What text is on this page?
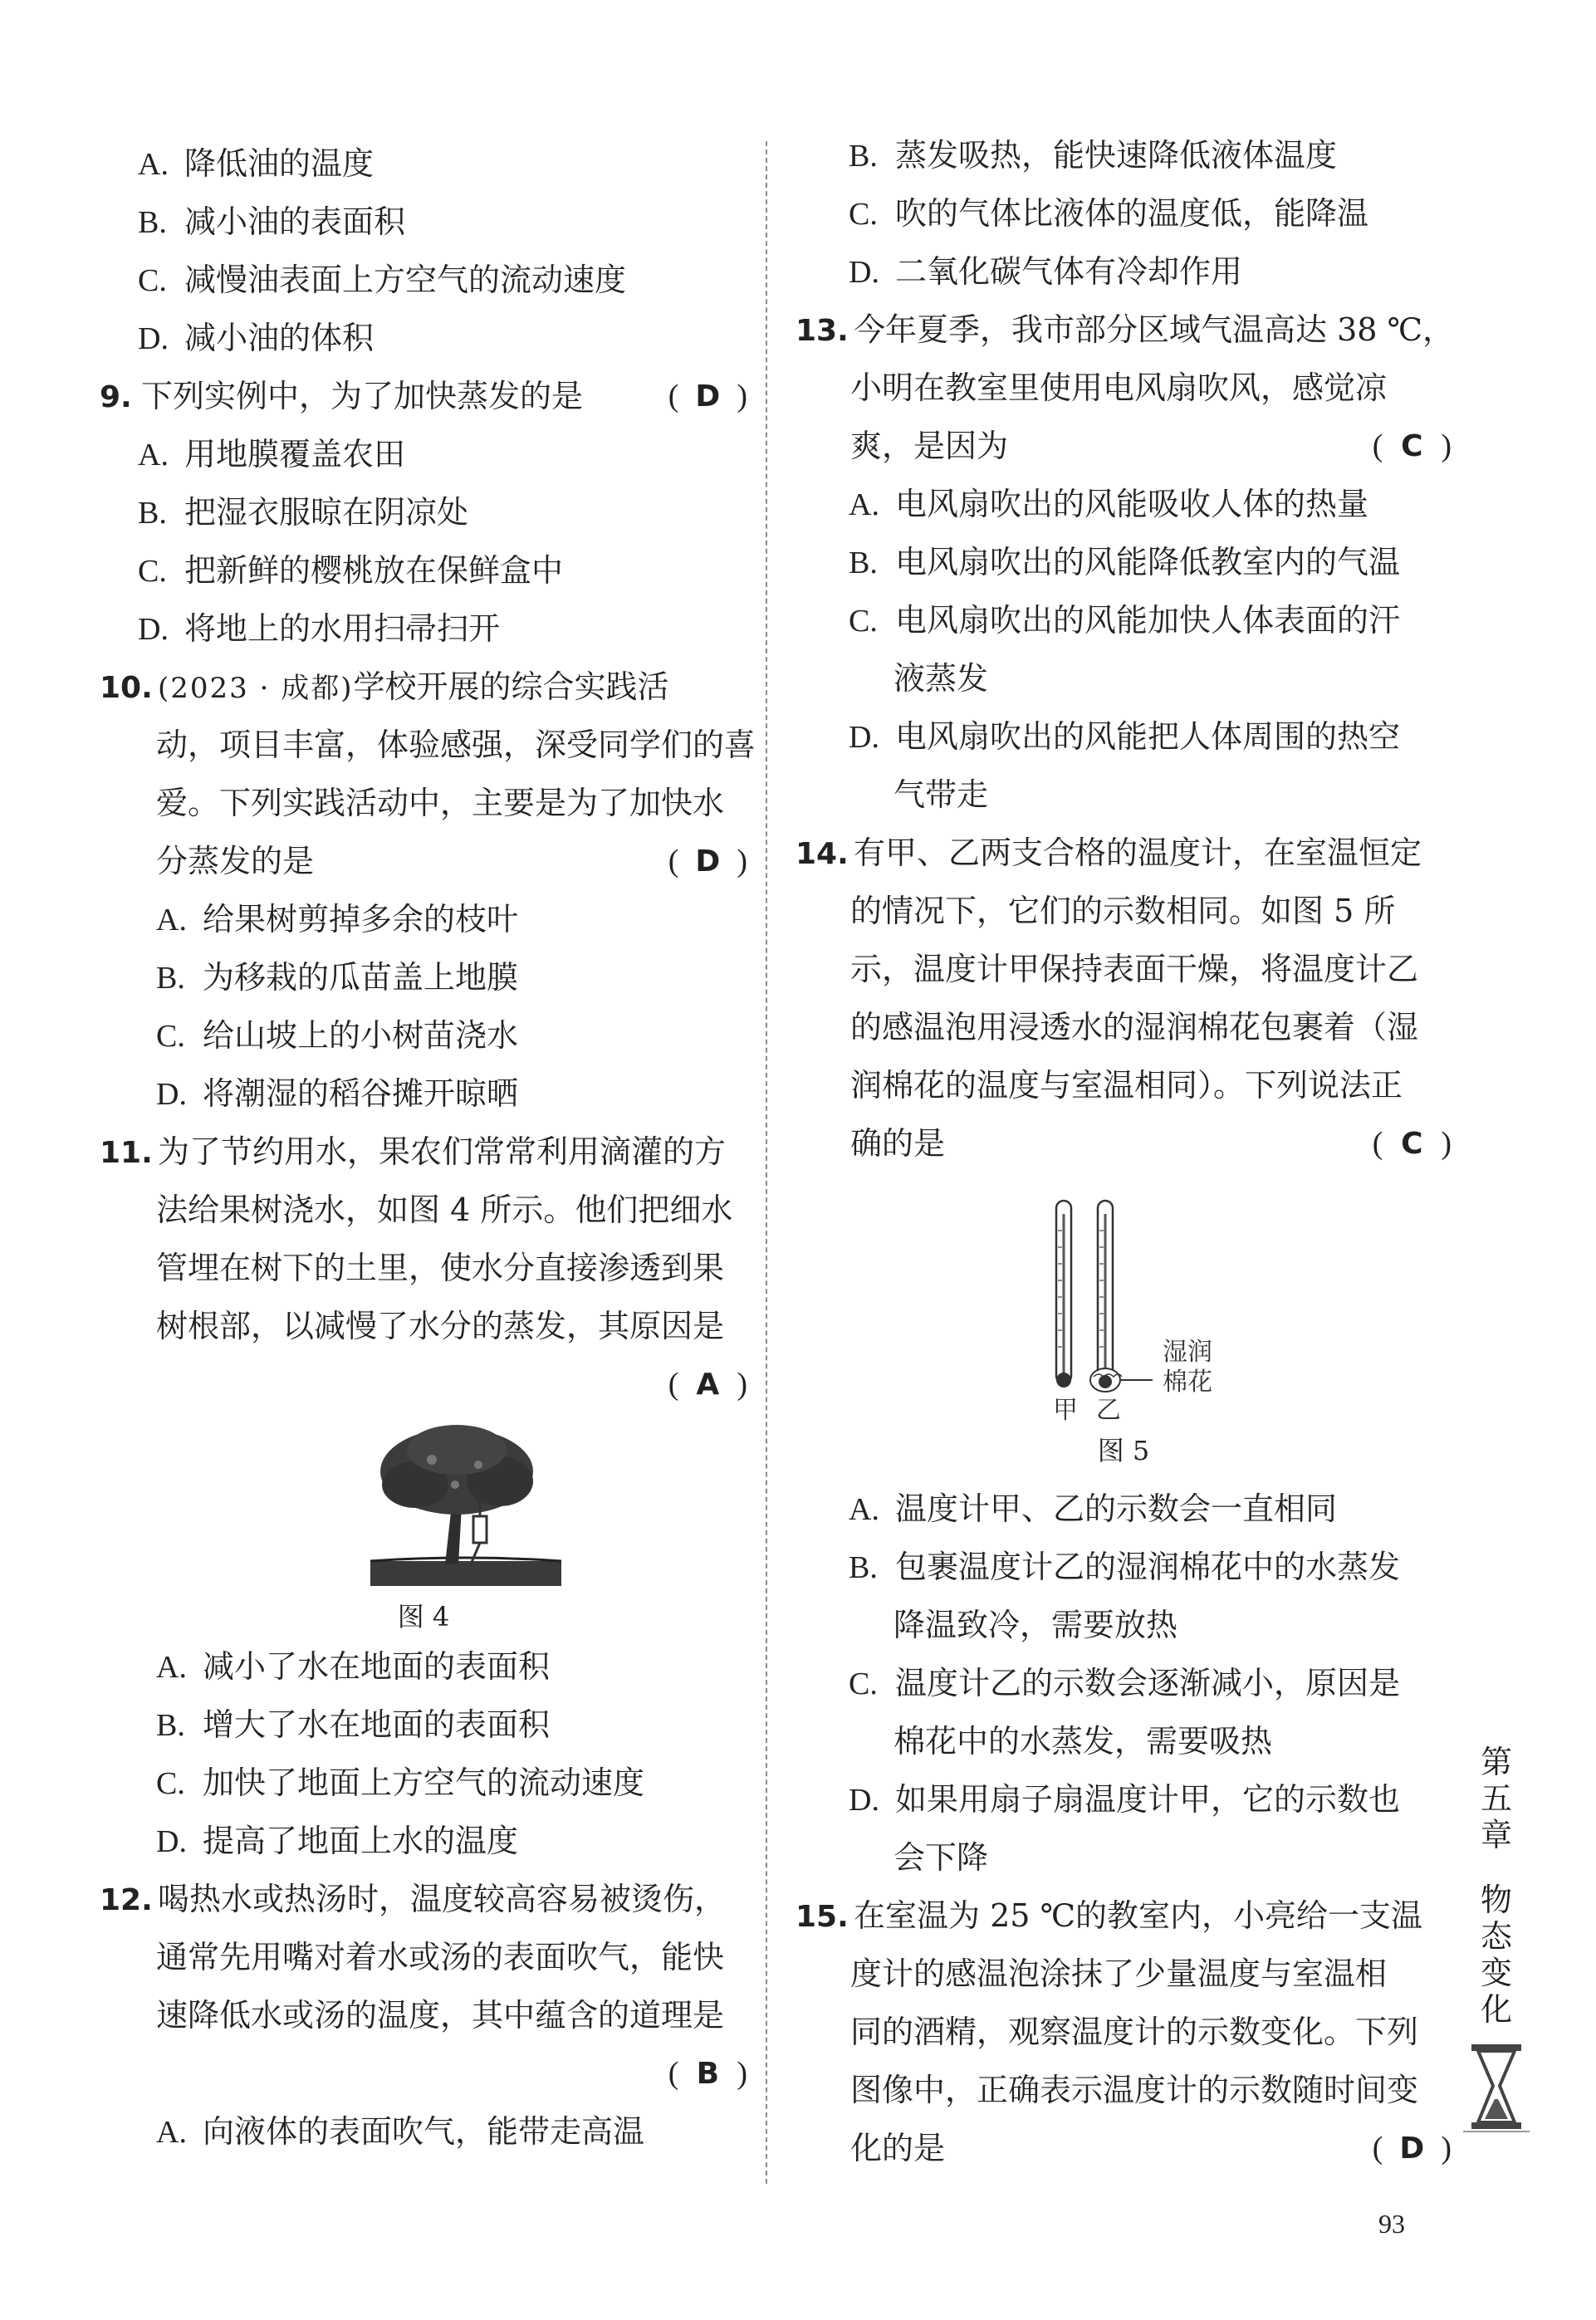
A. 降低油的温度
B. 减小油的表面积
C. 减慢油表面上方空气的流动速度
D. 减小油的体积
9. 下列实例中，为了加快蒸发的是	( D )
A. 用地膜覆盖农田
B. 把湿衣服晾在阴凉处
C. 把新鲜的樱桃放在保鲜盒中
D. 将地上的水用扫帚扫开
10. (2023 · 成都)学校开展的综合实践活
动，项目丰富，体验感强，深受同学们的喜
爱。下列实践活动中，主要是为了加快水
分蒸发的是	( D )
A. 给果树剪掉多余的枝叶
B. 为移栽的瓜苗盖上地膜
C. 给山坡上的小树苗浇水
D. 将潮湿的稻谷摊开晾晒
11. 为了节约用水，果农们常常利用滴灌的方
法给果树浇水，如图 4 所示。他们把细水
管埋在树下的土里，使水分直接渗透到果
树根部，以减慢了水分的蒸发，其原因是
( A )
图 4
A. 减小了水在地面的表面积
B. 增大了水在地面的表面积
C. 加快了地面上方空气的流动速度
D. 提高了地面上水的温度
12. 喝热水或热汤时，温度较高容易被烫伤，
通常先用嘴对着水或汤的表面吹气，能快
速降低水或汤的温度，其中蕴含的道理是
( B )
A. 向液体的表面吹气，能带走高温
B. 蒸发吸热，能快速降低液体温度
C. 吹的气体比液体的温度低，能降温
D. 二氧化碳气体有冷却作用
13. 今年夏季，我市部分区域气温高达 38 ℃，
小明在教室里使用电风扇吹风，感觉凉
爽，是因为	( C )
A. 电风扇吹出的风能吸收人体的热量
B. 电风扇吹出的风能降低教室内的气温
C. 电风扇吹出的风能加快人体表面的汗
液蒸发
D. 电风扇吹出的风能把人体周围的热空
气带走
14. 有甲、乙两支合格的温度计，在室温恒定
的情况下，它们的示数相同。如图 5 所
示，温度计甲保持表面干燥，将温度计乙
的感温泡用浸透水的湿润棉花包裹着（湿
润棉花的温度与室温相同）。下列说法正
确的是	( C )
湿润
棉花
甲 乙
图 5
A. 温度计甲、乙的示数会一直相同
B. 包裹温度计乙的湿润棉花中的水蒸发
降温致冷，需要放热
C. 温度计乙的示数会逐渐减小，原因是
棉花中的水蒸发，需要吸热
D. 如果用扇子扇温度计甲，它的示数也
会下降
15. 在室温为 25 ℃的教室内，小亮给一支温
度计的感温泡涂抹了少量温度与室温相
同的酒精，观察温度计的示数变化。下列
图像中，正确表示温度计的示数随时间变
化的是	( D )
第五章
物态变化
93
